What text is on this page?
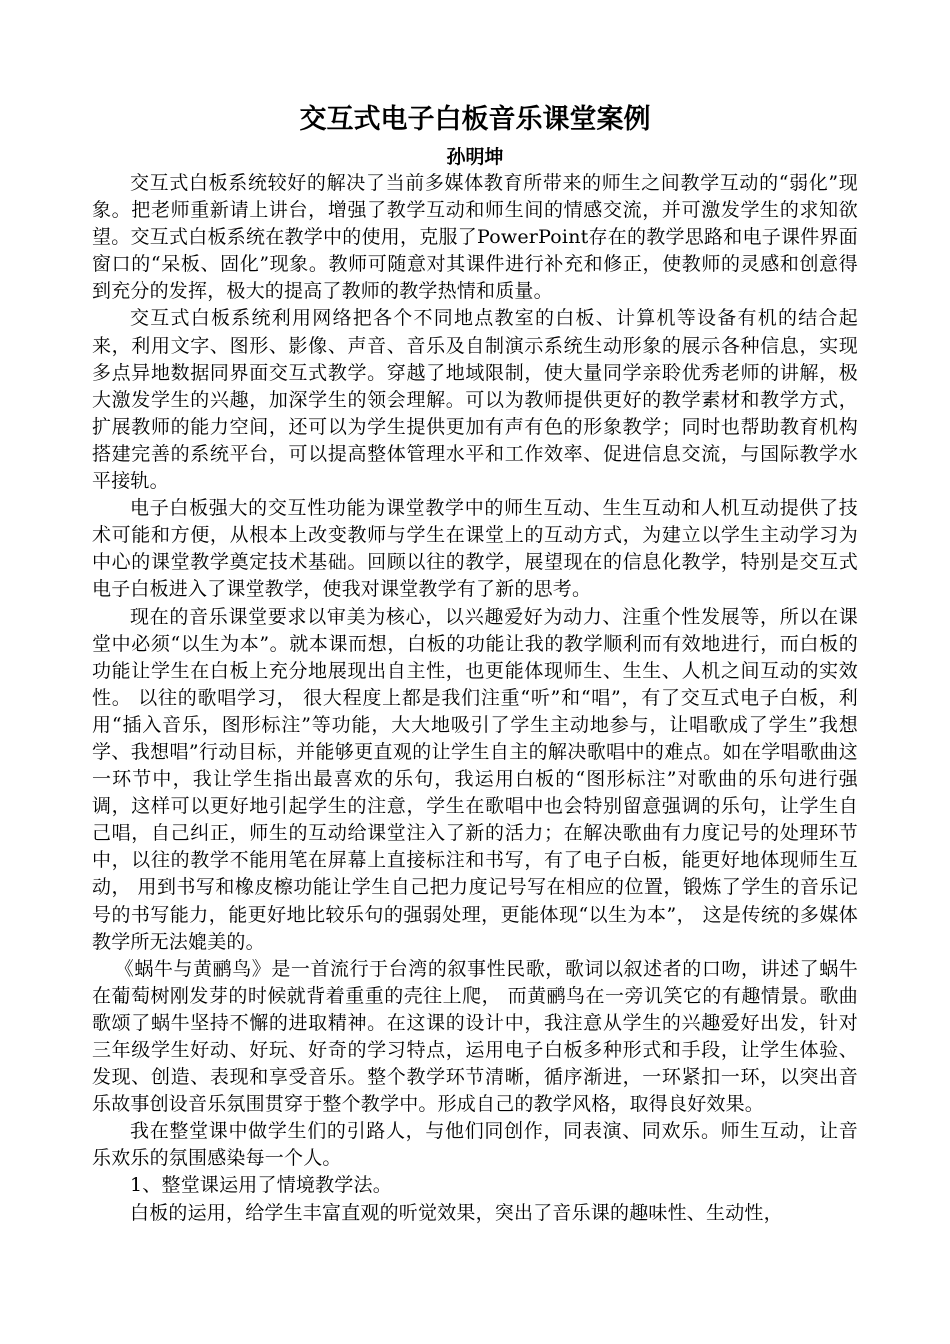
交互式电子白板音乐课堂案例
孙明坤

交互式白板系统较好的解决了当前多媒体教育所带来的师生之间教学互动的“弱化”现象。把老师重新请上讲台，增强了教学互动和师生间的情感交流，并可激发学生的求知欲望。交互式白板系统在教学中的使用，克服了PowerPoint存在的教学思路和电子课件界面窗口的“呆板、固化”现象。教师可随意对其课件进行补充和修正，使教师的灵感和创意得到充分的发挥，极大的提高了教师的教学热情和质量。

交互式白板系统利用网络把各个不同地点教室的白板、计算机等设备有机的结合起来，利用文字、图形、影像、声音、音乐及自制演示系统生动形象的展示各种信息，实现多点异地数据同界面交互式教学。穿越了地域限制，使大量同学亲聆优秀老师的讲解，极大激发学生的兴趣，加深学生的领会理解。可以为教师提供更好的教学素材和教学方式，扩展教师的能力空间，还可以为学生提供更加有声有色的形象教学；同时也帮助教育机构搭建完善的系统平台，可以提高整体管理水平和工作效率、促进信息交流，与国际教学水平接轨。

电子白板强大的交互性功能为课堂教学中的师生互动、生生互动和人机互动提供了技术可能和方便，从根本上改变教师与学生在课堂上的互动方式，为建立以学生主动学习为中心的课堂教学奠定技术基础。回顾以往的教学，展望现在的信息化教学，特别是交互式电子白板进入了课堂教学，使我对课堂教学有了新的思考。

现在的音乐课堂要求以审美为核心，以兴趣爱好为动力、注重个性发展等，所以在课堂中必须“以生为本”。就本课而想，白板的功能让我的教学顺利而有效地进行，而白板的功能让学生在白板上充分地展现出自主性，也更能体现师生、生生、人机之间互动的实效性。 以往的歌唱学习， 很大程度上都是我们注重“听”和“唱”，有了交互式电子白板，利用“插入音乐，图形标注”等功能，大大地吸引了学生主动地参与，让唱歌成了学生”我想学、我想唱”行动目标，并能够更直观的让学生自主的解决歌唱中的难点。如在学唱歌曲这一环节中，我让学生指出最喜欢的乐句，我运用白板的“图形标注”对歌曲的乐句进行强调，这样可以更好地引起学生的注意，学生在歌唱中也会特别留意强调的乐句，让学生自己唱，自己纠正，师生的互动给课堂注入了新的活力；在解决歌曲有力度记号的处理环节中，以往的教学不能用笔在屏幕上直接标注和书写，有了电子白板，能更好地体现师生互动， 用到书写和橡皮檫功能让学生自己把力度记号写在相应的位置，锻炼了学生的音乐记号的书写能力，能更好地比较乐句的强弱处理，更能体现“以生为本”， 这是传统的多媒体教学所无法媲美的。

《蜗牛与黄鹂鸟》是一首流行于台湾的叙事性民歌，歌词以叙述者的口吻，讲述了蜗牛在葡萄树刚发芽的时候就背着重重的壳往上爬， 而黄鹂鸟在一旁讥笑它的有趣情景。歌曲歌颂了蜗牛坚持不懈的进取精神。在这课的设计中，我注意从学生的兴趣爱好出发，针对三年级学生好动、好玩、好奇的学习特点，运用电子白板多种形式和手段，让学生体验、发现、创造、表现和享受音乐。整个教学环节清晰，循序渐进，一环紧扣一环，以突出音乐故事创设音乐氛围贯穿于整个教学中。形成自己的教学风格，取得良好效果。

我在整堂课中做学生们的引路人，与他们同创作，同表演、同欢乐。师生互动，让音乐欢乐的氛围感染每一个人。

1、整堂课运用了情境教学法。

白板的运用，给学生丰富直观的听觉效果，突出了音乐课的趣味性、生动性，
